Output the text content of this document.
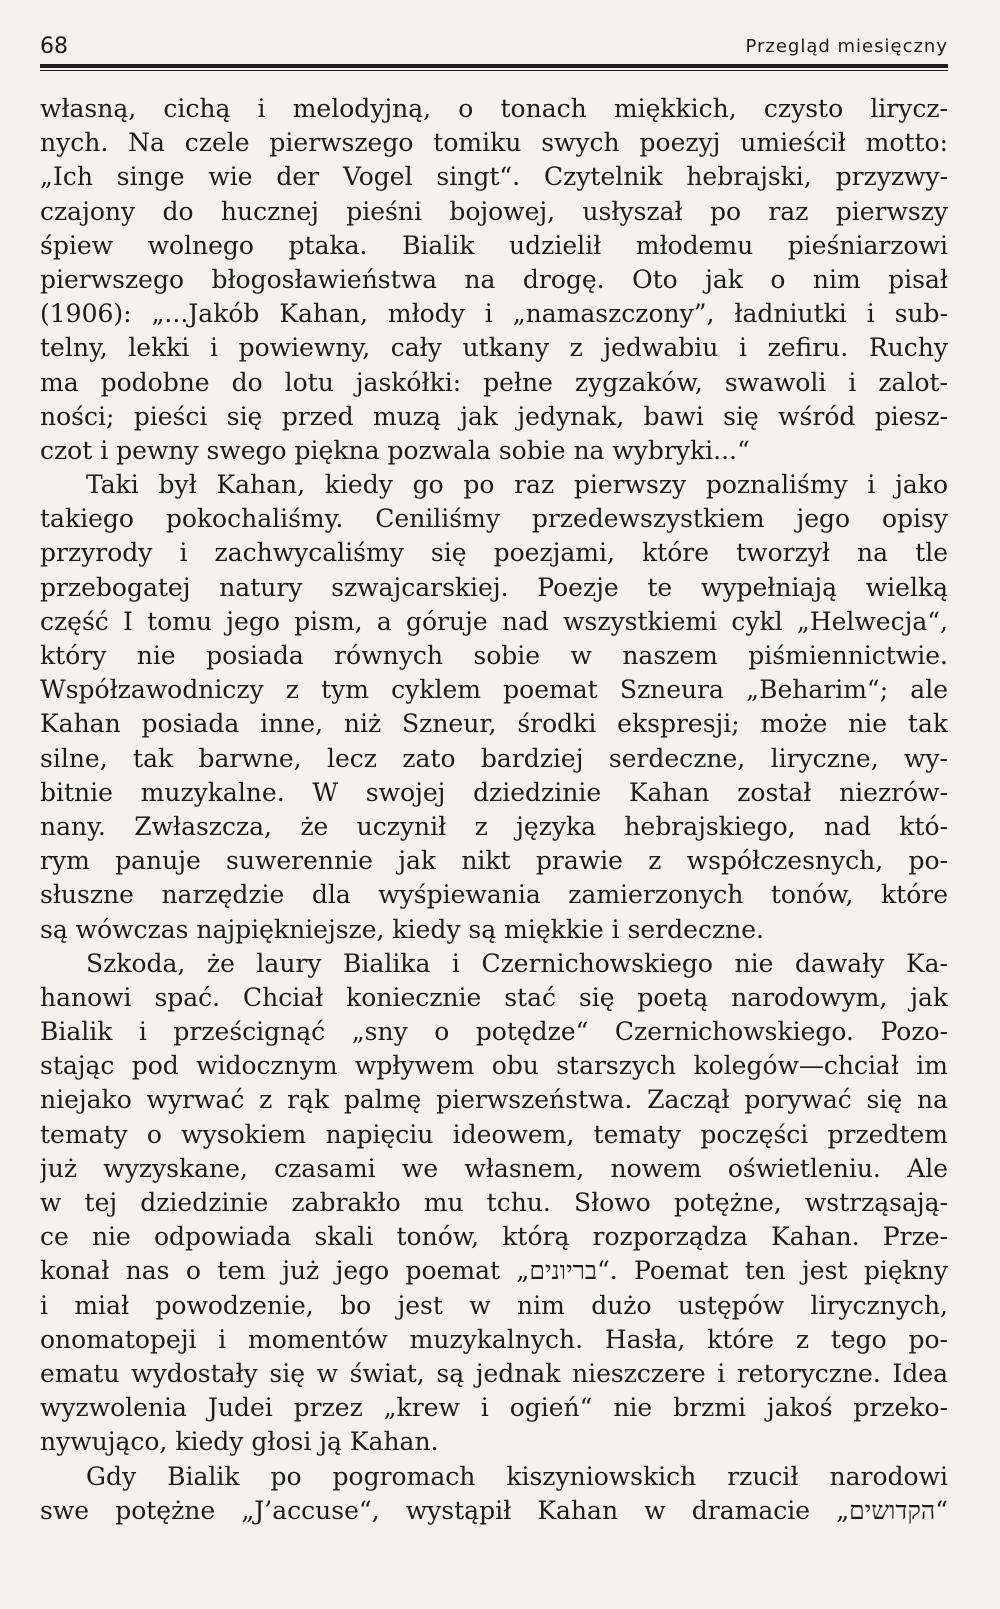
68	Przegląd miesięczny
własną, cichą i melodyjną, o tonach miękkich, czysto lirycz-
nych. Na czele pierwszego tomiku swych poezyj umieścił motto:
„Ich singe wie der Vogel singt“. Czytelnik hebrajski, przyzwy-
czajony do hucznej pieśni bojowej, usłyszał po raz pierwszy
śpiew wolnego ptaka. Bialik udzielił młodemu pieśniarzowi
pierwszego błogosławieństwa na drogę. Oto jak o nim pisał
(1906): „...Jakób Kahan, młody i „namaszczony”, ładniutki i sub-
telny, lekki i powiewny, cały utkany z jedwabiu i zefiru. Ruchy
ma podobne do lotu jaskółki: pełne zygzaków, swawoli i zalot-
ności; pieści się przed muzą jak jedynak, bawi się wśród piesz-
czot i pewny swego piękna pozwala sobie na wybryki...“
Taki był Kahan, kiedy go po raz pierwszy poznaliśmy i jako
takiego pokochaliśmy. Ceniliśmy przedewszystkiem jego opisy
przyrody i zachwycaliśmy się poezjami, które tworzył na tle
przebogatej natury szwajcarskiej. Poezje te wypełniają wielką
część I tomu jego pism, a góruje nad wszystkiemi cykl „Helwecja“,
który nie posiada równych sobie w naszem piśmiennictwie.
Współzawodniczy z tym cyklem poemat Szneura „Beharim“; ale
Kahan posiada inne, niż Szneur, środki ekspresji; może nie tak
silne, tak barwne, lecz zato bardziej serdeczne, liryczne, wy-
bitnie muzykalne. W swojej dziedzinie Kahan został niezrów-
nany. Zwłaszcza, że uczynił z języka hebrajskiego, nad któ-
rym panuje suwerennie jak nikt prawie z współczesnych, po-
słuszne narzędzie dla wyśpiewania zamierzonych tonów, które
są wówczas najpiękniejsze, kiedy są miękkie i serdeczne.
Szkoda, że laury Bialika i Czernichowskiego nie dawały Ka-
hanowi spać. Chciał koniecznie stać się poetą narodowym, jak
Bialik i prześcignąć „sny o potędze“ Czernichowskiego. Pozo-
stając pod widocznym wpływem obu starszych kolegów—chciał im
niejako wyrwać z rąk palmę pierwszeństwa. Zaczął porywać się na
tematy o wysokiem napięciu ideowem, tematy poczęści przedtem
już wyzyskane, czasami we własnem, nowem oświetleniu. Ale
w tej dziedzinie zabrakło mu tchu. Słowo potężne, wstrząsają-
ce nie odpowiada skali tonów, którą rozporządza Kahan. Prze-
konał nas o tem już jego poemat „בריונים“. Poemat ten jest piękny
i miał powodzenie, bo jest w nim dużo ustępów lirycznych,
onomatopeji i momentów muzykalnych. Hasła, które z tego po-
ematu wydostały się w świat, są jednak nieszczere i retoryczne. Idea
wyzwolenia Judei przez „krew i ogień“ nie brzmi jakoś przeko-
nywująco, kiedy głosi ją Kahan.
Gdy Bialik po pogromach kiszyniowskich rzucił narodowi
swe potężne „J’accuse“, wystąpił Kahan w dramacie „הקדושים“
